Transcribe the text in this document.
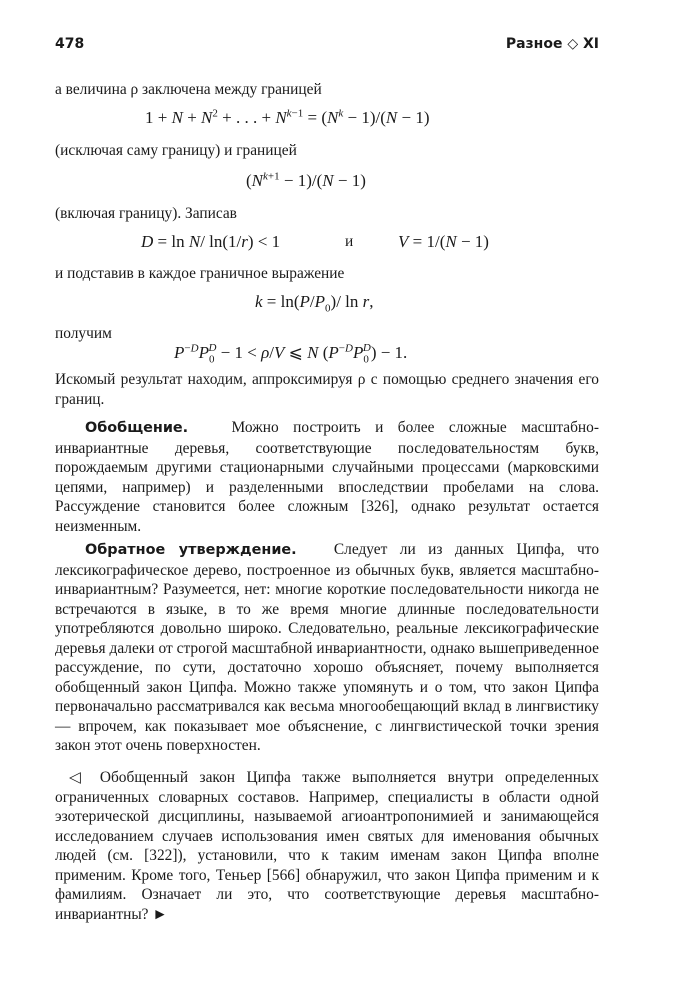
478	Разное ◇ XI
а величина ρ заключена между границей
$1 + N + N^2$ + . . . + $N^{k-1} = (N^k - 1)/(N - 1)$
(исключая саму границу) и границей
$(N^{k+1} - 1)/(N - 1)$
(включая границу). Записав
D = ln N/ ln(1/r) < 1	и	V = 1/(N − 1)
и подставив в каждое граничное выражение
$k = \ln(P/P_0)/$ ln r,
получим
$P^{-D}P_0^D - 1 < \rho/V$ ⩽ N $(P^{-D}P_0^D) - 1$.
Искомый результат находим, аппроксимируя ρ с помощью среднего значения его границ.
Обобщение.	Можно построить и более сложные масштабно-инвариантные деревья, соответствующие последовательностям букв, порождаемым другими стационарными случайными процессами (марковскими цепями, например) и разделенными впоследствии пробелами на слова. Рассуждение становится более сложным [326], однако результат остается неизменным.
Обратное утверждение. Следует ли из данных Ципфа, что лексикографическое дерево, построенное из обычных букв, является масштабно-инвариантным? Разумеется, нет: многие короткие последовательности никогда не встречаются в языке, в то же время многие длинные последовательности употребляются довольно широко. Следовательно, реальные лексикографические деревья далеки от строгой масштабной инвариантности, однако вышеприведенное рассуждение, по сути, достаточно хорошо объясняет, почему выполняется обобщенный закон Ципфа. Можно также упомянуть и о том, что закон Ципфа первоначально рассматривался как весьма многообещающий вклад в лингвистику — впрочем, как показывает мое объяснение, с лингвистической точки зрения закон этот очень поверхностен.
◁ Обобщенный закон Ципфа также выполняется внутри определенных ограниченных словарных составов. Например, специалисты в области одной эзотерической дисциплины, называемой агиоантропонимией и занимающейся исследованием случаев использования имен святых для именования обычных людей (см. [322]), установили, что к таким именам закон Ципфа вполне применим. Кроме того, Теньер [566] обнаружил, что закон Ципфа применим и к фамилиям. Означает ли это, что соответствующие деревья масштабно-инвариантны? ►
